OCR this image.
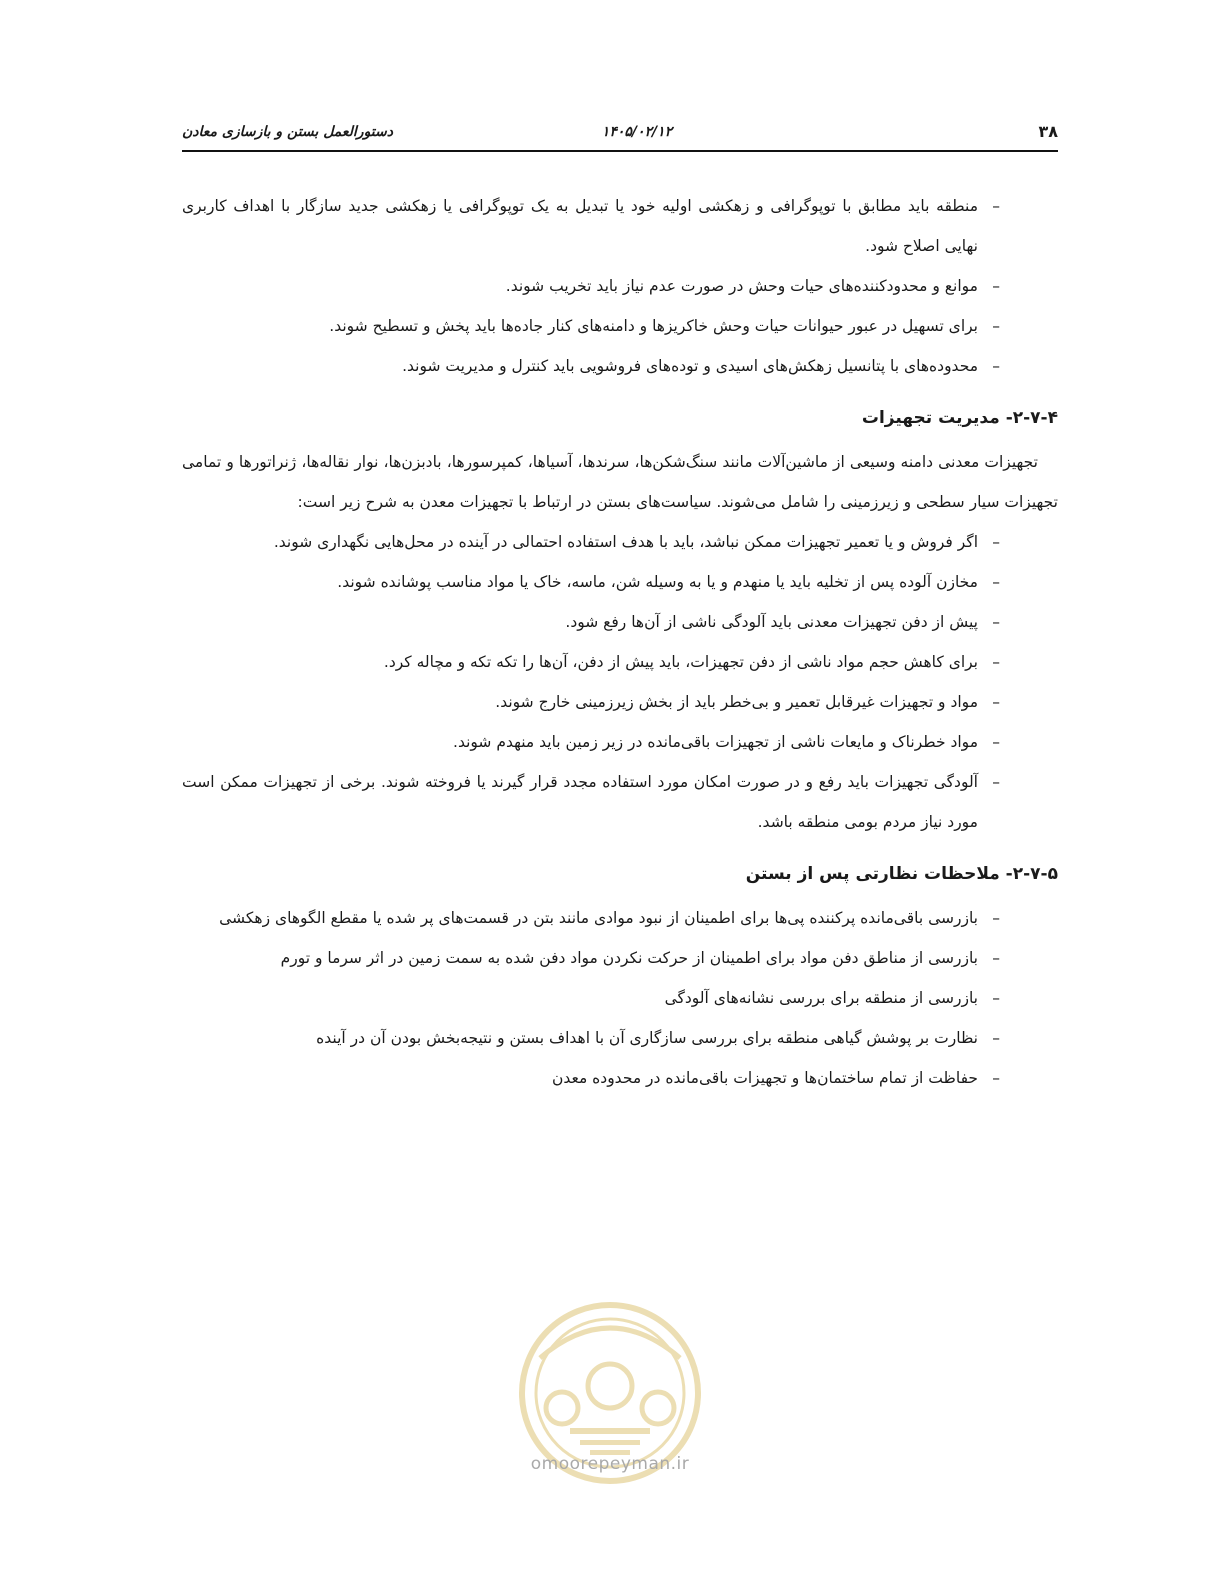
۳۸
۱۴۰۵/۰۲/۱۲
دستورالعمل بستن و بازسازی معادن
– منطقه باید مطابق با توپوگرافی و زهکشی اولیه خود یا تبدیل به یک توپوگرافی یا زهکشی جدید سازگار با اهداف کاربری نهایی اصلاح شود.
– موانع و محدودکننده‌های حیات وحش در صورت عدم نیاز باید تخریب شوند.
– برای تسهیل در عبور حیوانات حیات وحش خاکریزها و دامنه‌های کنار جاده‌ها باید پخش و تسطیح شوند.
– محدوده‌های با پتانسیل زهکش‌های اسیدی و توده‌های فروشویی باید کنترل و مدیریت شوند.
۲-۷-۴- مدیریت تجهیزات

تجهیزات معدنی دامنه وسیعی از ماشین‌آلات مانند سنگ‌شکن‌ها، سرندها، آسیاها، کمپرسورها، بادبزن‌ها، نوار نقاله‌ها، ژنراتورها و تمامی تجهیزات سیار سطحی و زیرزمینی را شامل می‌شوند. سیاست‌های بستن در ارتباط با تجهیزات معدن به شرح زیر است:

– اگر فروش و یا تعمیر تجهیزات ممکن نباشد، باید با هدف استفاده احتمالی در آینده در محل‌هایی نگهداری شوند.
– مخازن آلوده پس از تخلیه باید یا منهدم و یا به وسیله شن، ماسه، خاک یا مواد مناسب پوشانده شوند.
– پیش از دفن تجهیزات معدنی باید آلودگی ناشی از آن‌ها رفع شود.
– برای کاهش حجم مواد ناشی از دفن تجهیزات، باید پیش از دفن، آن‌ها را تکه تکه و مچاله کرد.
– مواد و تجهیزات غیرقابل تعمیر و بی‌خطر باید از بخش زیرزمینی خارج شوند.
– مواد خطرناک و مایعات ناشی از تجهیزات باقی‌مانده در زیر زمین باید منهدم شوند.
– آلودگی تجهیزات باید رفع و در صورت امکان مورد استفاده مجدد قرار گیرند یا فروخته شوند. برخی از تجهیزات ممکن است مورد نیاز مردم بومی منطقه باشد.
۲-۷-۵- ملاحظات نظارتی پس از بستن
– بازرسی باقی‌مانده پرکننده پی‌ها برای اطمینان از نبود موادی مانند بتن در قسمت‌های پر شده یا مقطع الگوهای زهکشی
– بازرسی از مناطق دفن مواد برای اطمینان از حرکت نکردن مواد دفن شده به سمت زمین در اثر سرما و تورم
– بازرسی از منطقه برای بررسی نشانه‌های آلودگی
– نظارت بر پوشش گیاهی منطقه برای بررسی سازگاری آن با اهداف بستن و نتیجه‌بخش بودن آن در آینده
– حفاظت از تمام ساختمان‌ها و تجهیزات باقی‌مانده در محدوده معدن
omoorepeyman.ir
